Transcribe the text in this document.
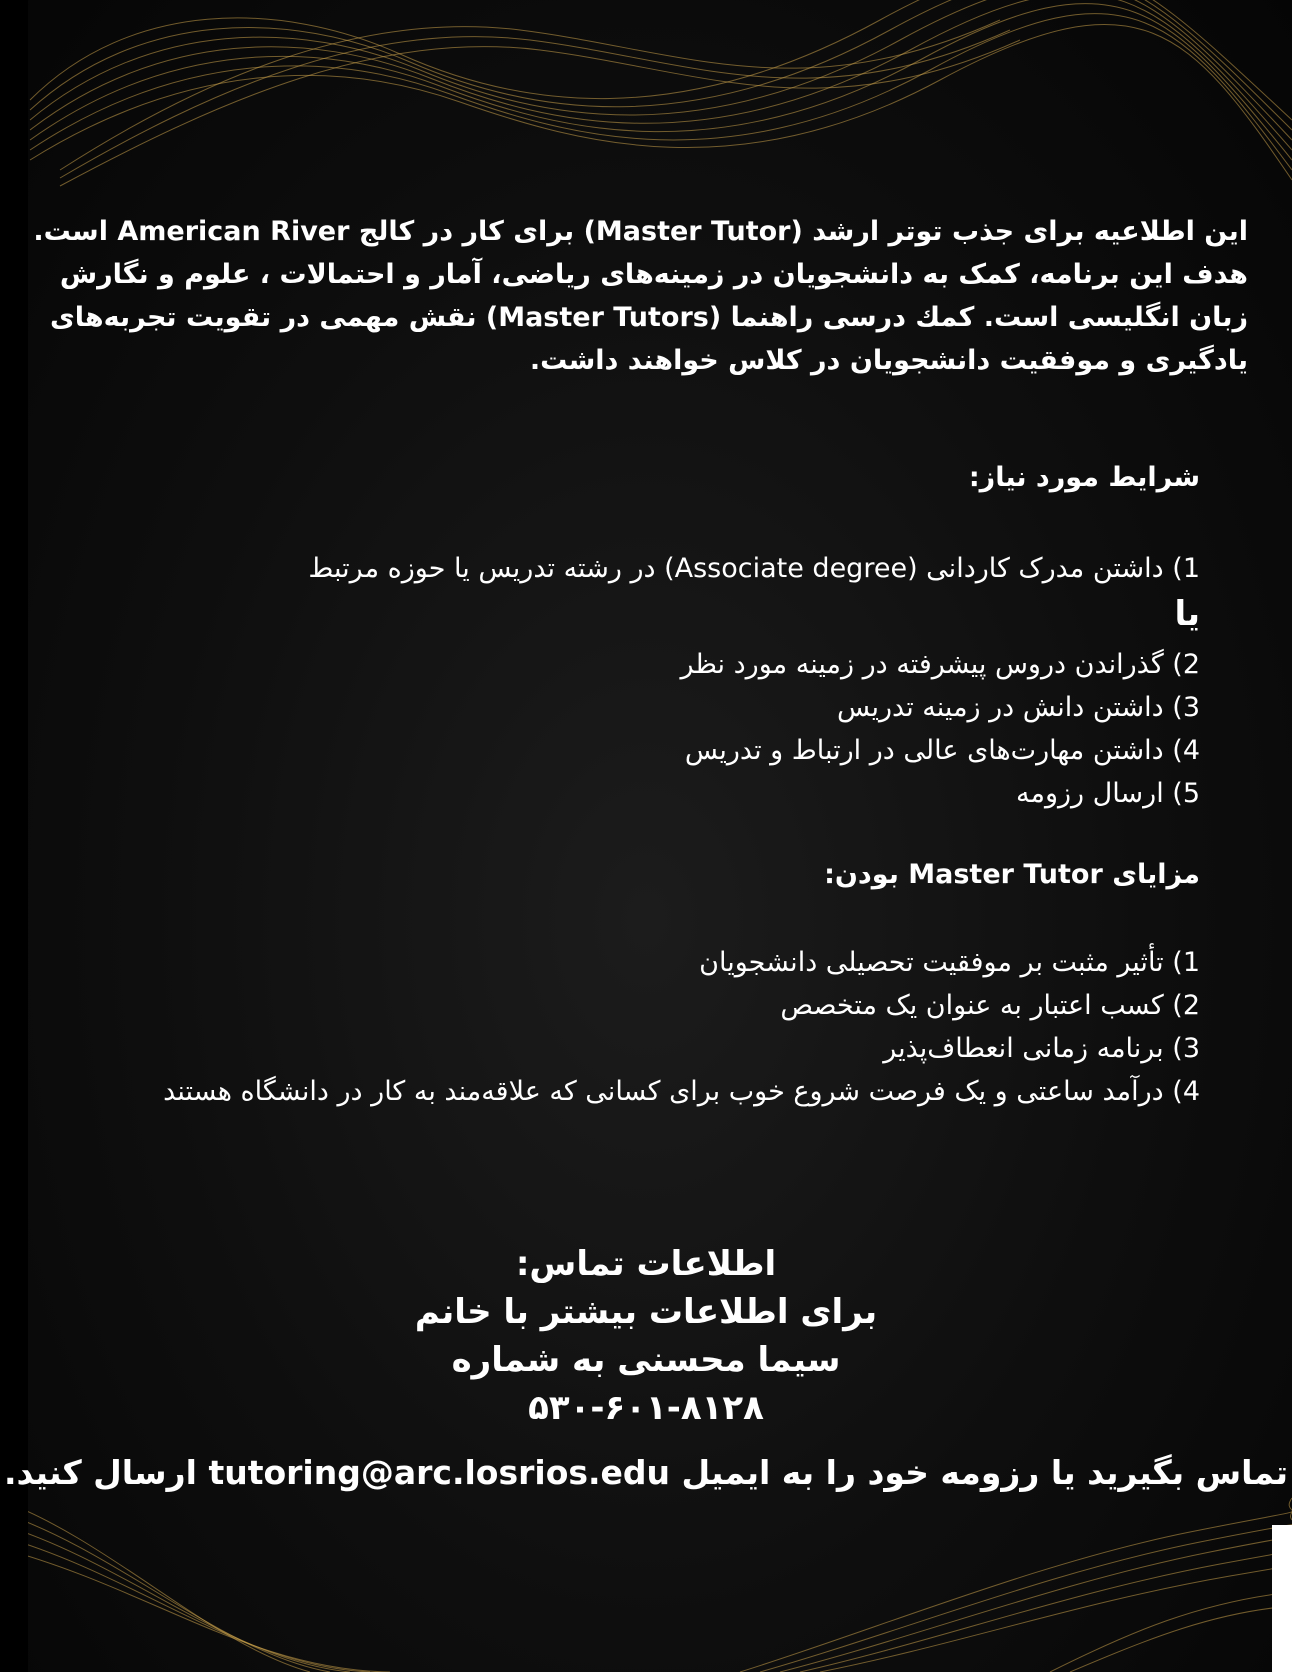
این اطلاعیه برای جذب توتر ارشد (Master Tutor) برای کار در کالج American River است.

هدف این برنامه، کمک به دانشجویان در زمینه‌های ریاضی، آمار و احتمالات ، علوم و نگارش

زبان انگلیسی است. کمك درسی راهنما (Master Tutors) نقش مهمی در تقویت تجربه‌های

یادگیری و موفقیت دانشجویان در کلاس خواهند داشت.

شرایط مورد نیاز:
1) داشتن مدرک کاردانی (Associate degree) در رشته تدریس یا حوزه مرتبط
یا
2) گذراندن دروس پیشرفته در زمینه مورد نظر
3) داشتن دانش در زمینه تدریس
4) داشتن مهارت‌های عالی در ارتباط و تدریس
5) ارسال رزومه
مزایای Master Tutor بودن:
1) تأثیر مثبت بر موفقیت تحصیلی دانشجویان
2) کسب اعتبار به عنوان یک متخصص
3) برنامه زمانی انعطاف‌پذیر
4) درآمد ساعتی و یک فرصت شروع خوب برای کسانی که علاقه‌مند به کار در دانشگاه هستند
اطلاعات تماس:
برای اطلاعات بیشتر با خانم
سیما محسنی به شماره
۵۳۰-۶۰۱-۸۱۲۸
تماس بگیرید یا رزومه خود را به ایمیل tutoring@arc.losrios.edu ارسال کنید.
